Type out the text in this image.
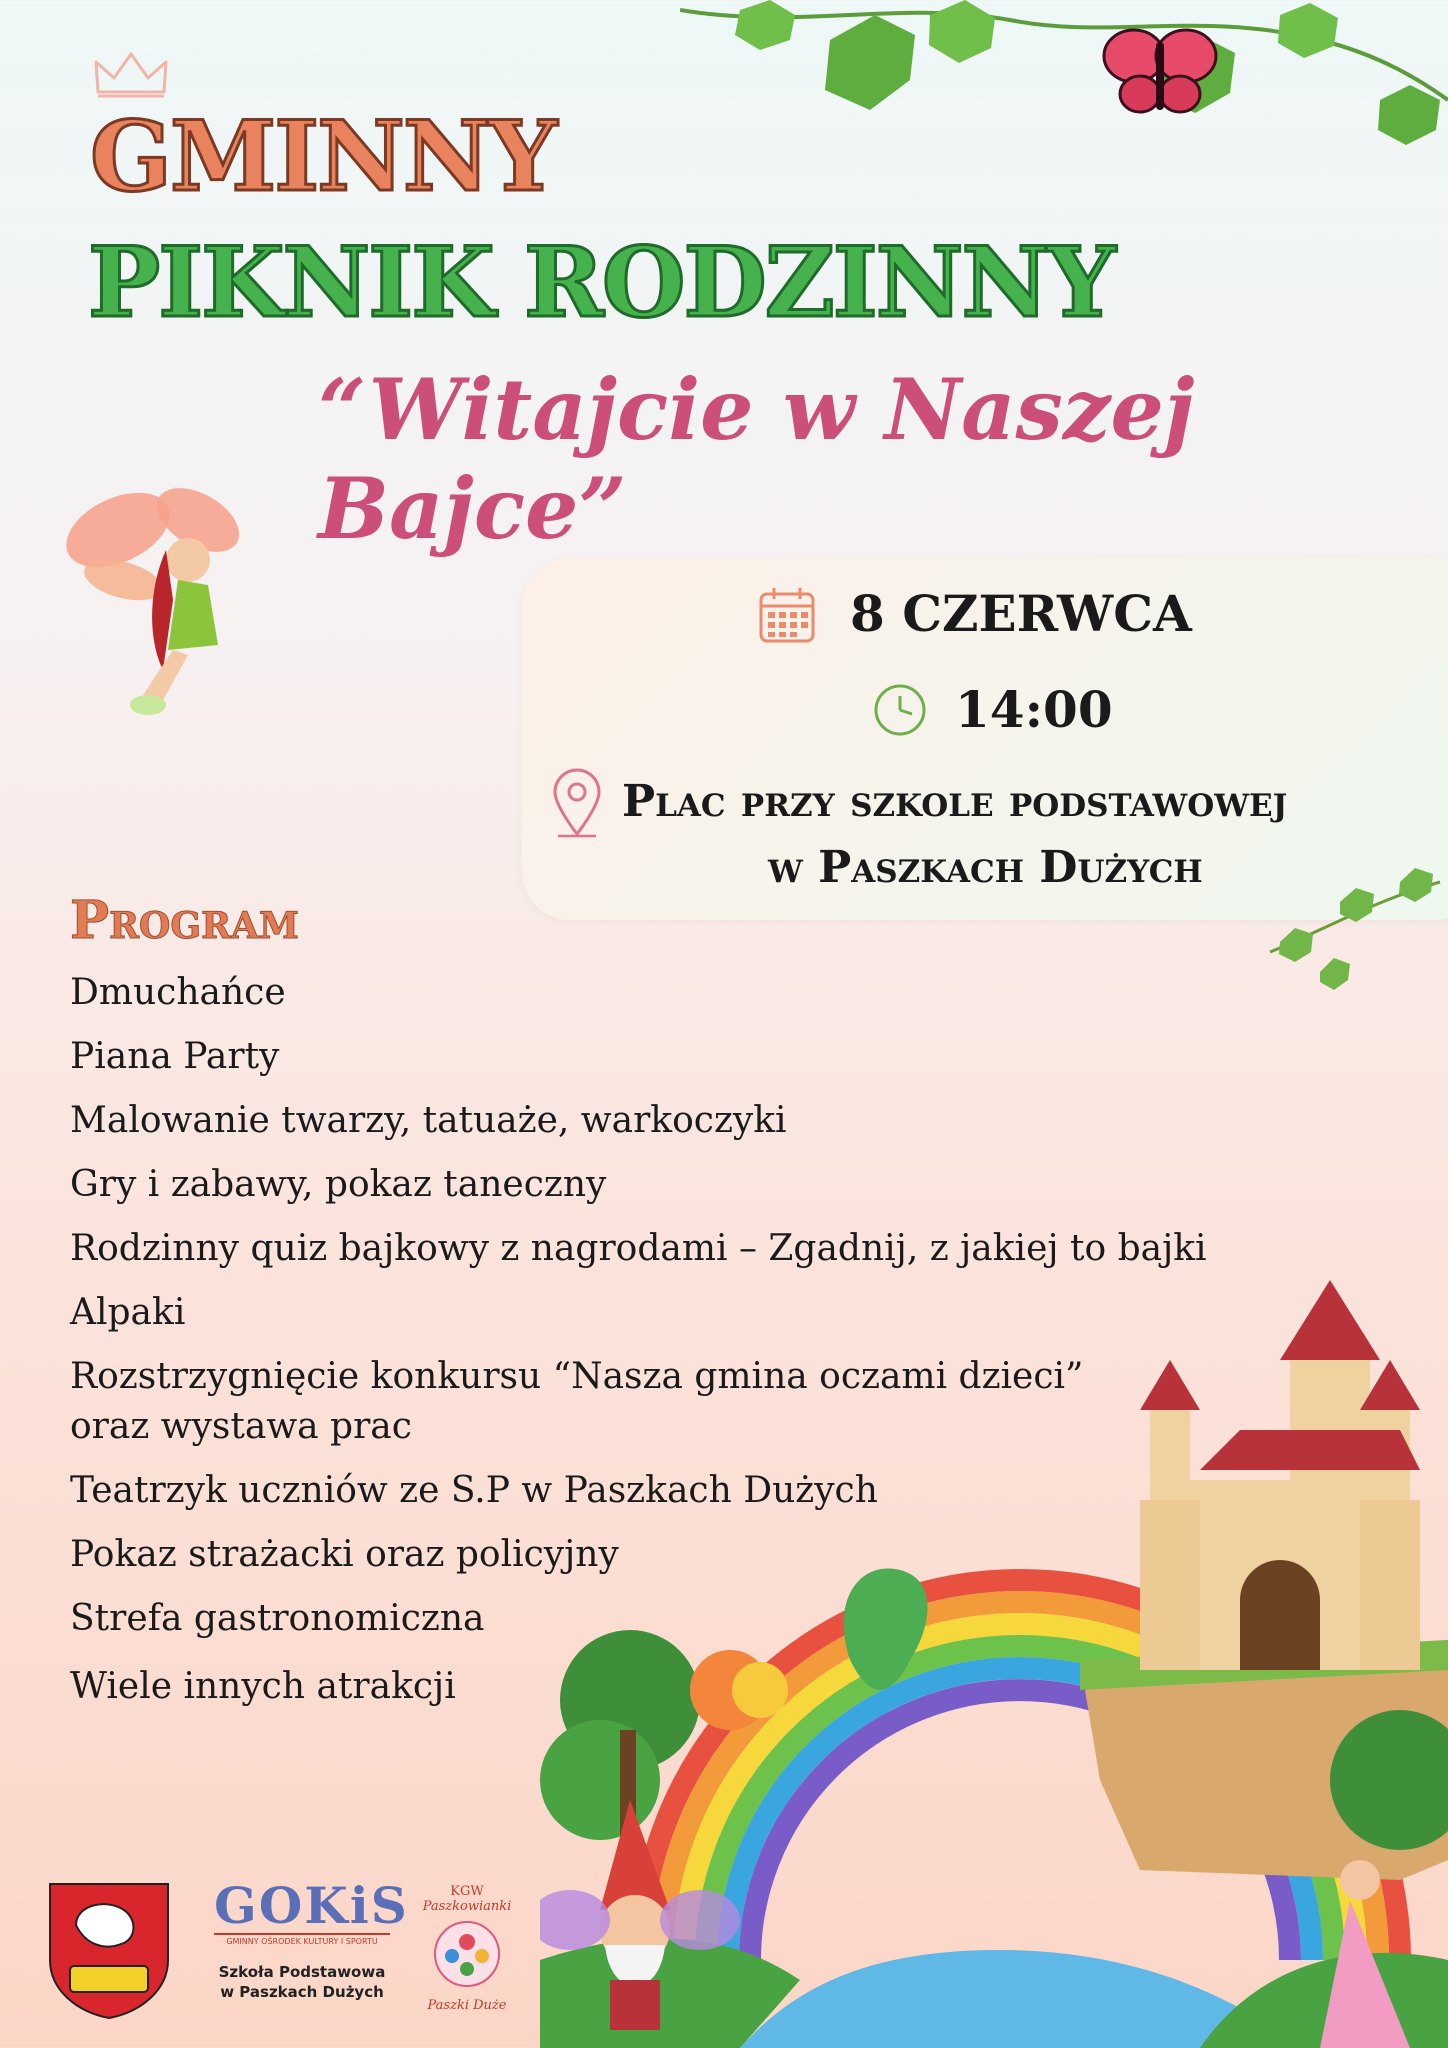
GMINNY
PIKNIK RODZINNY
“Witajcie w Naszej Bajce”
8 CZERWCA
14:00
Plac przy szkole podstawowej
w Paszkach Dużych
Program
Dmuchańce
Piana Party
Malowanie twarzy, tatuaże, warkoczyki
Gry i zabawy, pokaz taneczny
Rodzinny quiz bajkowy z nagrodami – Zgadnij, z jakiej to bajki
Alpaki
Rozstrzygnięcie konkursu “Nasza gmina oczami dzieci”
oraz wystawa prac
Teatrzyk uczniów ze S.P w Paszkach Dużych
Pokaz strażacki oraz policyjny
Strefa gastronomiczna
Wiele innych atrakcji
GOKiS
GMINNY OŚRODEK KULTURY I SPORTU
Szkoła Podstawowa
w Paszkach Dużych
KGW
Paszkowianki
Paszki Duże
